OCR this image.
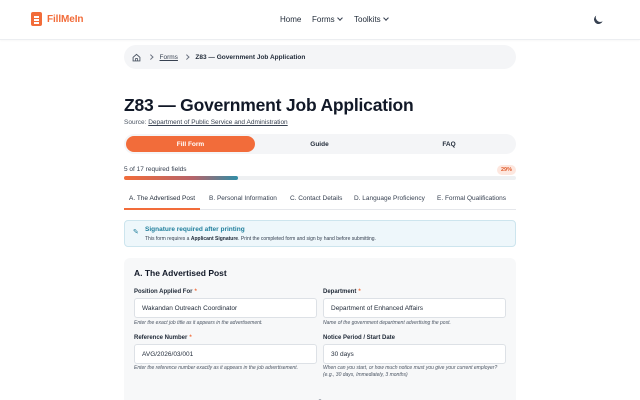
FillMeIn	Home Forms	Toolkits
Forms	Z83 — Government Job Application
Z83 — Government Job Application
Source: Department of Public Service and Administration
Fill Form	Guide	FAQ
5 of 17 required fields	29%
A. The Advertised Post B. Personal Information C. Contact Details D. Language Proficiency E. Formal Qualifications
✎ Signature required after printing
This form requires a Applicant Signature. Print the completed form and sign by hand before submitting.
A. The Advertised Post
Position Applied For *
Wakandan Outreach Coordinator
Enter the exact job title as it appears in the advertisement.
Department *
Department of Enhanced Affairs
Name of the government department advertising the post.
Reference Number *
AVG/2026/03/001
Enter the reference number exactly as it appears in the job advertisement.
Notice Period / Start Date
30 days
When can you start, or how much notice must you give your current employer? (e.g., 30 days, Immediately, 3 months)
